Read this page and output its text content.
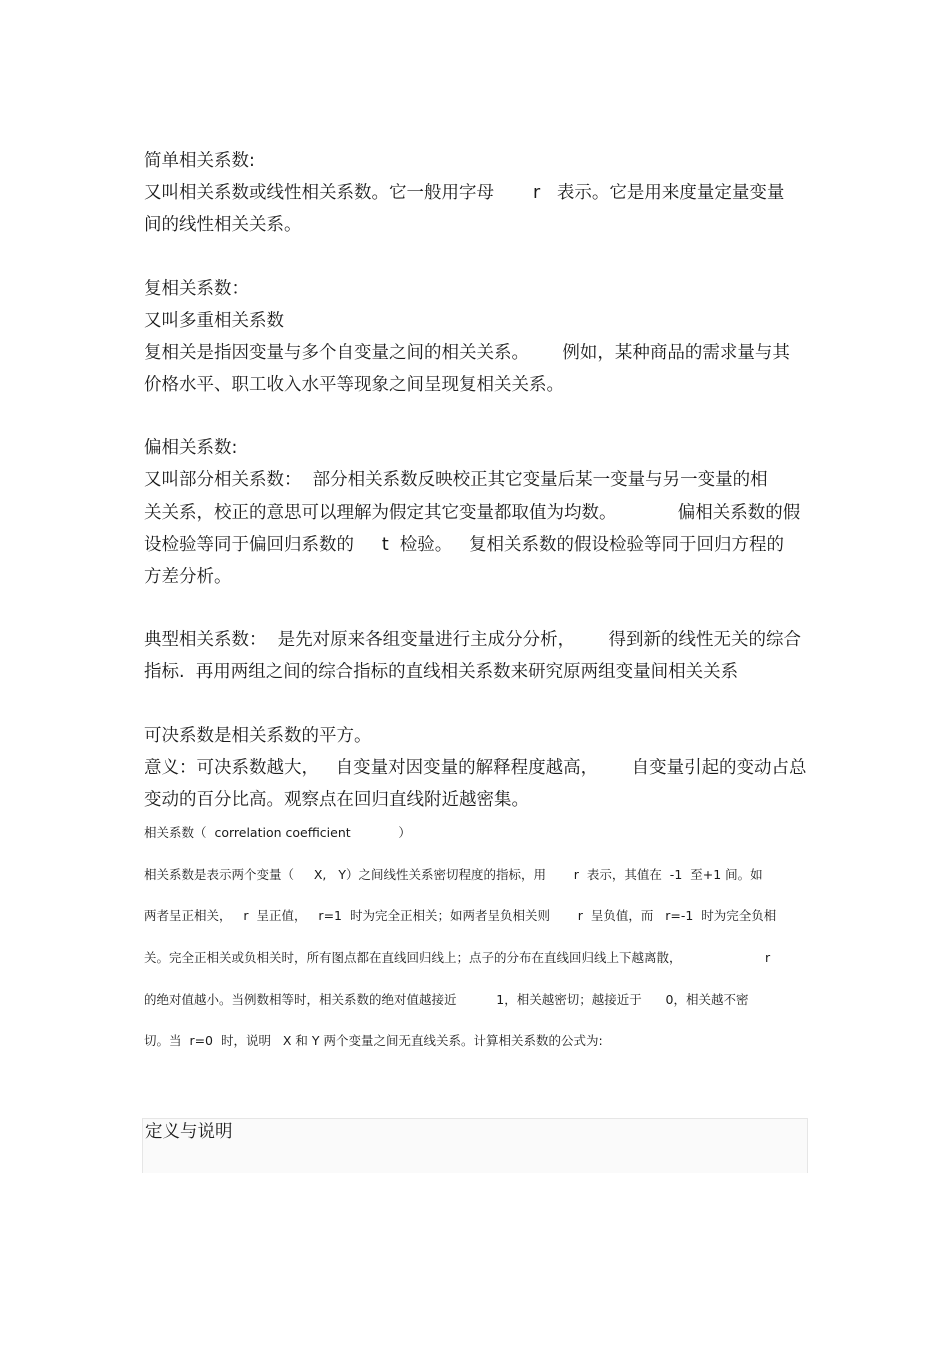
简单相关系数:

又叫相关系数或线性相关系数。它一般用字母       r   表示。它是用来度量定量变量

间的线性相关关系。

复相关系数：

又叫多重相关系数

复相关是指因变量与多个自变量之间的相关关系。      例如，某种商品的需求量与其

价格水平、职工收入水平等现象之间呈现复相关关系。

偏相关系数:

又叫部分相关系数：  部分相关系数反映校正其它变量后某一变量与另一变量的相

关关系，校正的意思可以理解为假定其它变量都取值为均数。           偏相关系数的假

设检验等同于偏回归系数的     t  检验。   复相关系数的假设检验等同于回归方程的

方差分析。

典型相关系数：  是先对原来各组变量进行主成分分析，      得到新的线性无关的综合

指标.  再用两组之间的综合指标的直线相关系数来研究原两组变量间相关关系

可决系数是相关系数的平方。

意义：可决系数越大，   自变量对因变量的解释程度越高，      自变量引起的变动占总

变动的百分比高。观察点在回归直线附近越密集。

相关系数（  correlation coefficient            ）

相关系数是表示两个变量（     X,   Y）之间线性关系密切程度的指标，用       r  表示，其值在  -1  至+1 间。如

两者呈正相关，   r  呈正值，   r=1  时为完全正相关；如两者呈负相关则       r  呈负值，而   r=-1  时为完全负相

关。完全正相关或负相关时，所有图点都在直线回归线上；点子的分布在直线回归线上下越离散，                     r

的绝对值越小。当例数相等时，相关系数的绝对值越接近          1，相关越密切；越接近于      0，相关越不密

切。当  r=0  时，说明   X 和 Y 两个变量之间无直线关系。计算相关系数的公式为:

定义与说明
